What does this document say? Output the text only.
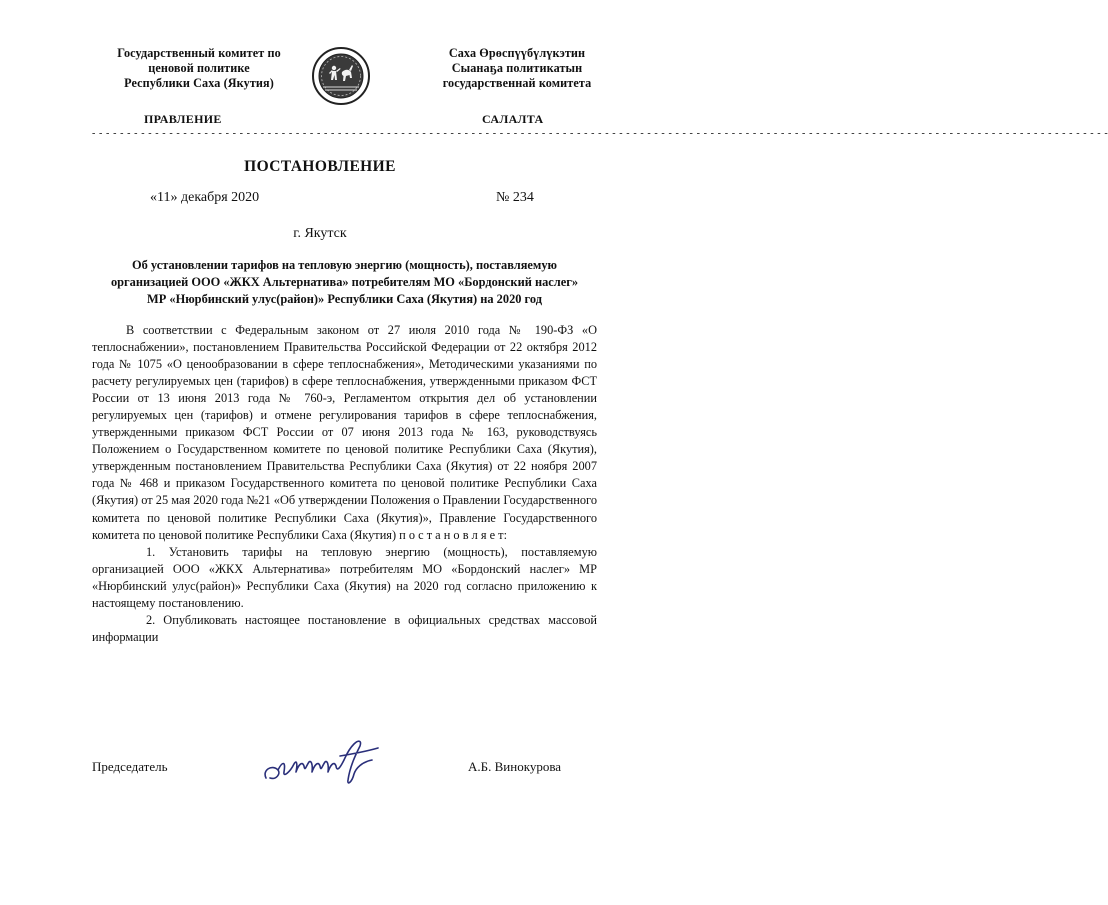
Государственный комитет по
ценовой политике
Республики Саха (Якутия)
Саха Өрөспүүбүлүкэтин
Сыанаҕа политикатын
государственнай комитета
ПРАВЛЕНИЕ	САЛАЛТА
- - - - - - - - - - - - - - - - - - - - - - - - - - - - - - - - - - - - - - - - - - - - - - - - - - - - - - - - - - - - - - - - - - - - - - - - - - - - - - - - - - - - - - - - - - - - - - - - - - - - - - - - - - - - - - - - - - - - - - - - - - - - - - - - - - - - - - - - - - - - - - - - -
ПОСТАНОВЛЕНИЕ
«11» декабря 2020	№ 234
г. Якутск
Об установлении тарифов на тепловую энергию (мощность), поставляемую
организацией ООО «ЖКХ Альтернатива» потребителям МО «Бордонский наслег»
МР «Нюрбинский улус(район)» Республики Саха (Якутия) на 2020 год

В соответствии с Федеральным законом от 27 июля 2010 года № 190-ФЗ «О теплоснабжении», постановлением Правительства Российской Федерации от 22 октября 2012 года № 1075 «О ценообразовании в сфере теплоснабжения», Методическими указаниями по расчету регулируемых цен (тарифов) в сфере теплоснабжения, утвержденными приказом ФСТ России от 13 июня 2013 года № 760-э, Регламентом открытия дел об установлении регулируемых цен (тарифов) и отмене регулирования тарифов в сфере теплоснабжения, утвержденными приказом ФСТ России от 07 июня 2013 года № 163, руководствуясь Положением о Государственном комитете по ценовой политике Республики Саха (Якутия), утвержденным постановлением Правительства Республики Саха (Якутия) от 22 ноября 2007 года № 468 и приказом Государственного комитета по ценовой политике Республики Саха (Якутия) от 25 мая 2020 года №21 «Об утверждении Положения о Правлении Государственного комитета по ценовой политике Республики Саха (Якутия)», Правление Государственного комитета по ценовой политике Республики Саха (Якутия) п о с т а н о в л я е т:

1. Установить тарифы на тепловую энергию (мощность), поставляемую организацией ООО «ЖКХ Альтернатива» потребителям МО «Бордонский наслег» МР «Нюрбинский улус(район)» Республики Саха (Якутия) на 2020 год согласно приложению к настоящему постановлению.

2. Опубликовать настоящее постановление в официальных средствах массовой информации

Председатель	А.Б. Винокурова
